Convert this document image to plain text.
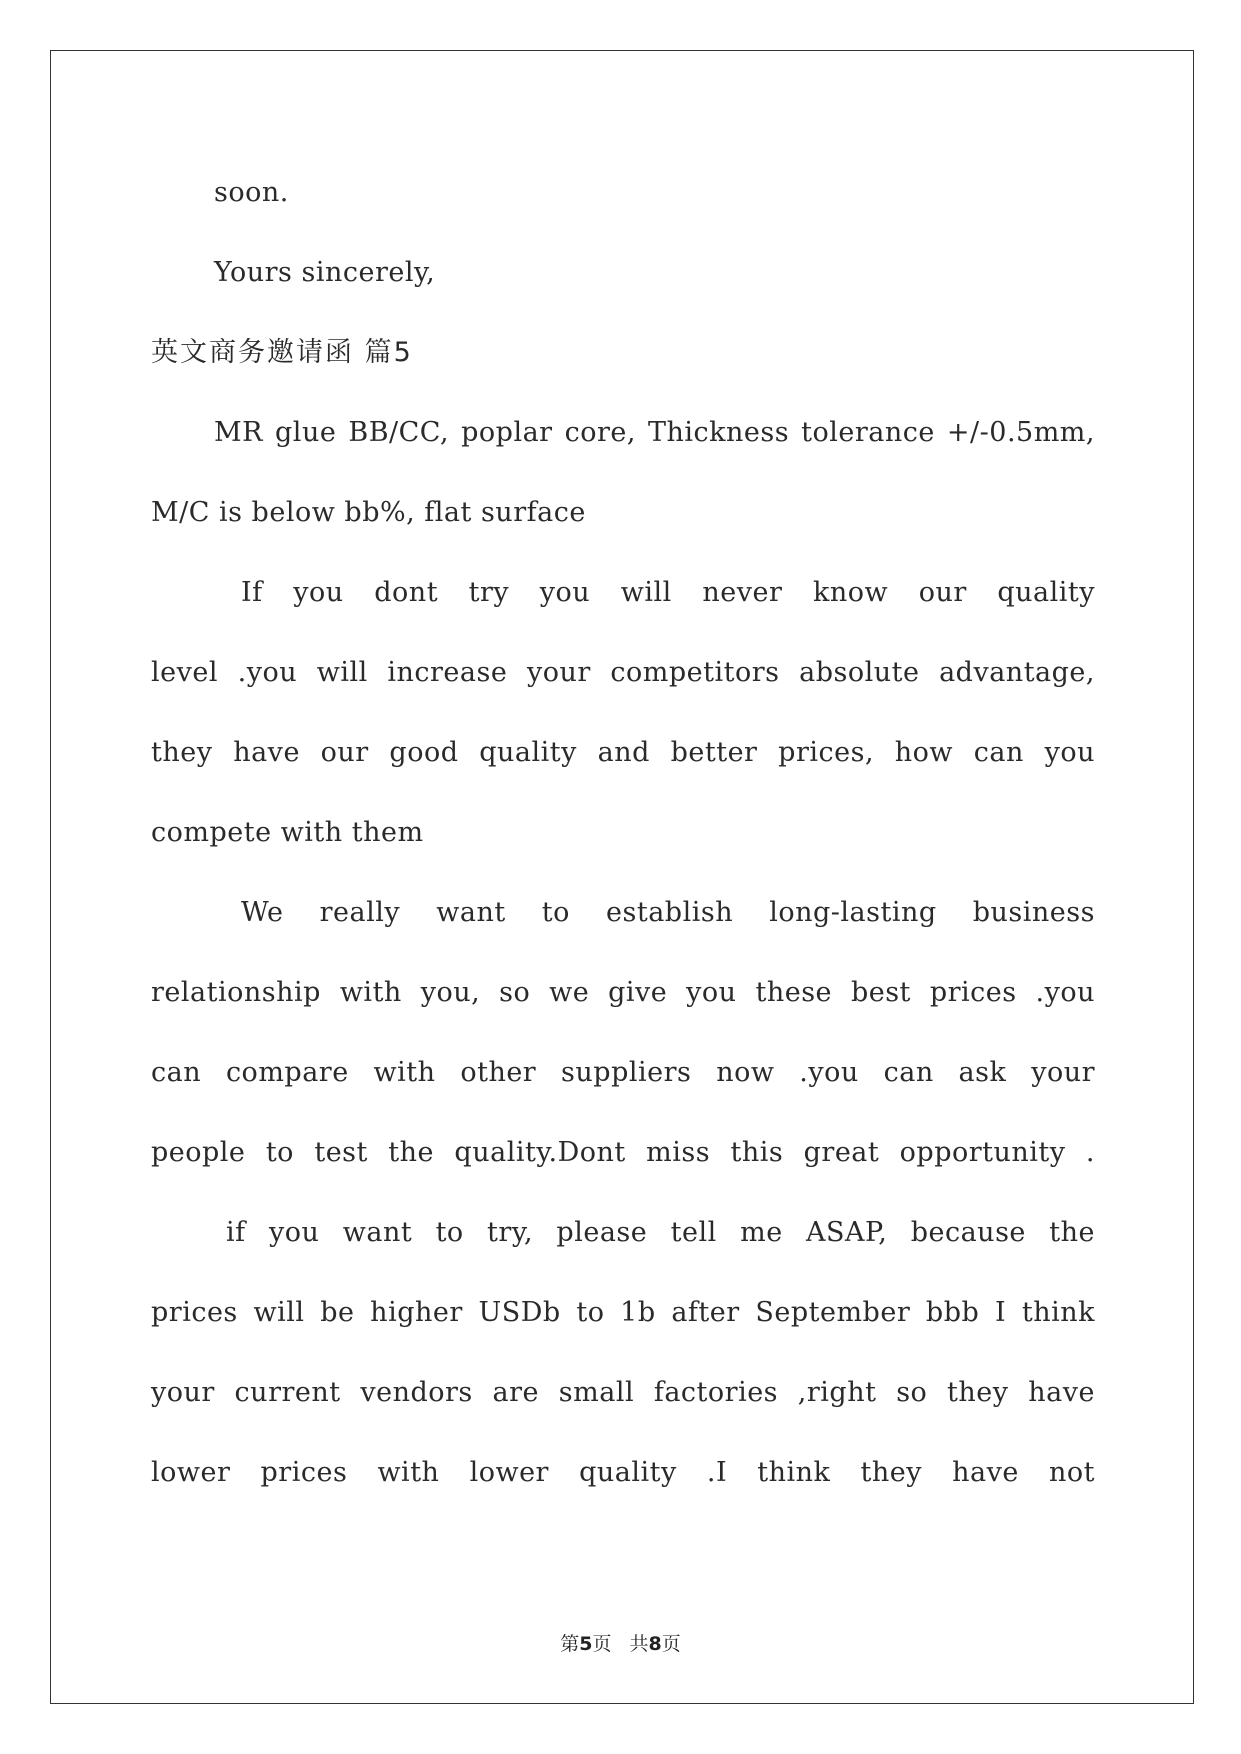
soon.
Yours sincerely,
英文商务邀请函 篇5
MR glue BB/CC, poplar core, Thickness tolerance +/-0.5mm,
M/C is below bb%, flat surface
If you dont try you will never know our quality
level .you will increase your competitors absolute advantage,
they have our good quality and better prices, how can you
compete with them
We really want to establish long-lasting business
relationship with you, so we give you these best prices .you
can compare with other suppliers now .you can ask your
people to test the quality.Dont miss this great opportunity .
if you want to try, please tell me ASAP, because the
prices will be higher USDb to 1b after September bbb I think
your current vendors are small factories ,right so they have
lower prices with lower quality .I think they have not
第5页 共8页
